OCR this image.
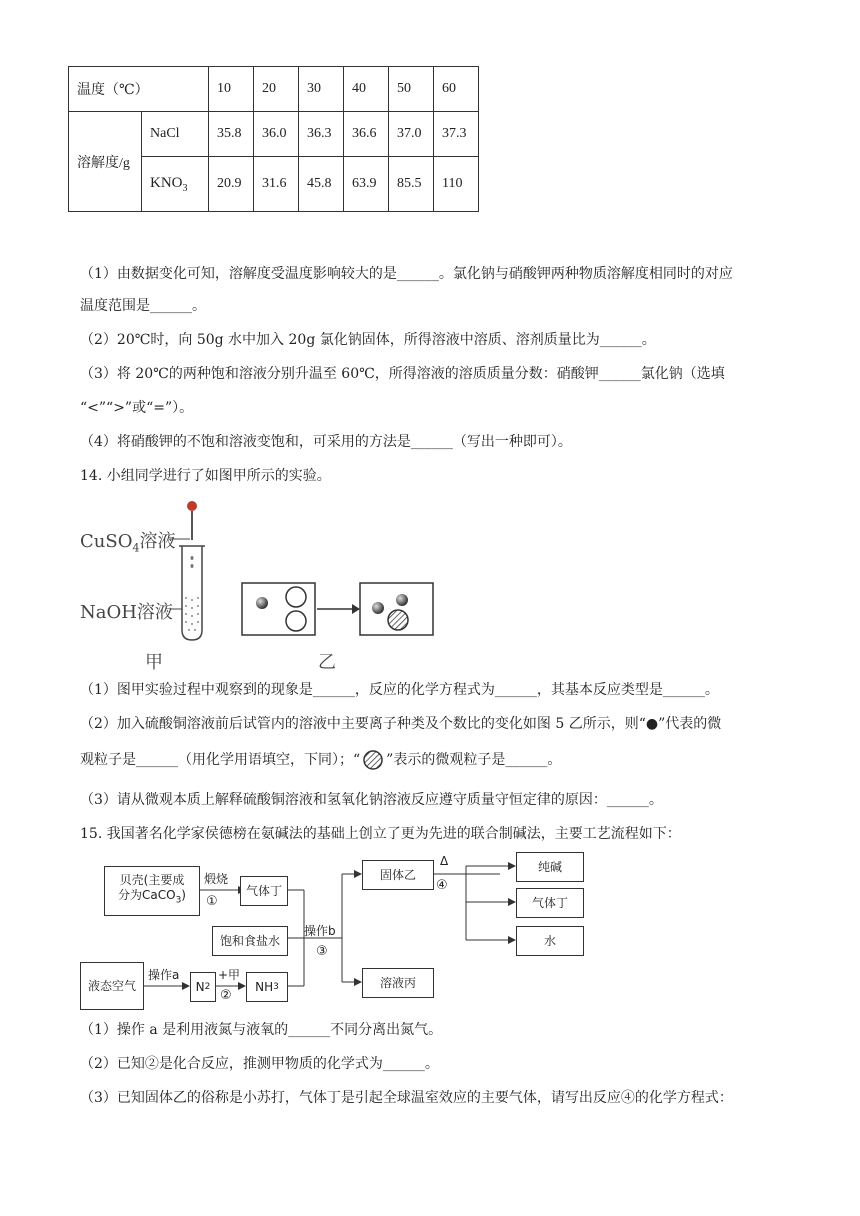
温度（℃）		10	20	30	40	50	60
溶解度/g	NaCl	35.8	36.0	36.3	36.6	37.0	37.3
	$KNO_3$	20.9	31.6	45.8	63.9	85.5	110
（1）由数据变化可知，溶解度受温度影响较大的是______。氯化钠与硝酸钾两种物质溶解度相同时的对应
温度范围是______。
（2）20℃时，向 50g 水中加入 20g 氯化钠固体，所得溶液中溶质、溶剂质量比为______。
（3）将 20℃的两种饱和溶液分别升温至 60℃，所得溶液的溶质质量分数：硝酸钾______氯化钠（选填
“<”“>”或“=”）。
（4）将硝酸钾的不饱和溶液变饱和，可采用的方法是______（写出一种即可）。
14. 小组同学进行了如图甲所示的实验。
CuSO$_4$溶液
NaOH溶液
甲	乙
（1）图甲实验过程中观察到的现象是______，反应的化学方程式为______，其基本反应类型是______。
（2）加入硫酸铜溶液前后试管内的溶液中主要离子种类及个数比的变化如图 5 乙所示，则“●”代表的微
观粒子是______（用化学用语填空，下同）；“ ”表示的微观粒子是______。
（3）请从微观本质上解释硫酸铜溶液和氢氧化钠溶液反应遵守质量守恒定律的原因：______。
15. 我国著名化学家侯德榜在氨碱法的基础上创立了更为先进的联合制碱法，主要工艺流程如下：
贝壳(主要成
分为CaCO$_3$)
煅烧
①
气体丁
饱和食盐水
操作b
③
固体乙
Δ
④
纯碱
气体丁
水
溶液丙
液态空气
操作a
N 2
+甲
②
NH 3
（1）操作 a 是利用液氮与液氧的______不同分离出氮气。
（2）已知②是化合反应，推测甲物质的化学式为______。
（3）已知固体乙的俗称是小苏打，气体丁是引起全球温室效应的主要气体，请写出反应④的化学方程式：
